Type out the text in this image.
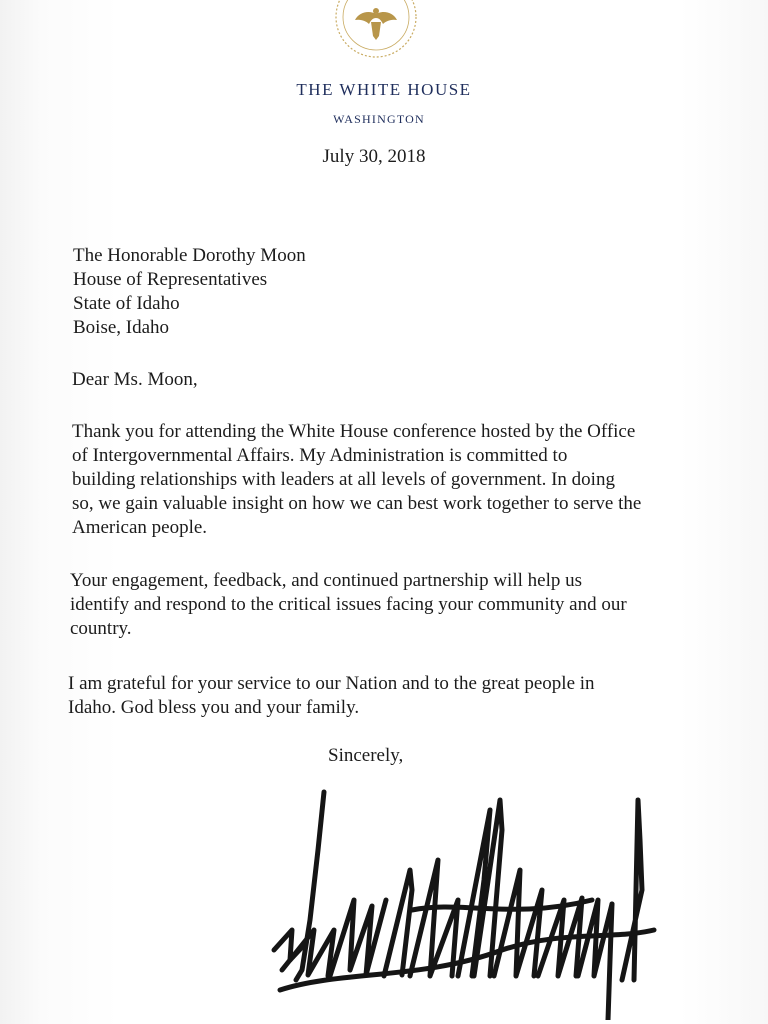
THE WHITE HOUSE
WASHINGTON
July 30, 2018
The Honorable Dorothy Moon
House of Representatives
State of Idaho
Boise, Idaho
Dear Ms. Moon,
Thank you for attending the White House conference hosted by the Office
of Intergovernmental Affairs. My Administration is committed to
building relationships with leaders at all levels of government. In doing
so, we gain valuable insight on how we can best work together to serve the
American people.
Your engagement, feedback, and continued partnership will help us
identify and respond to the critical issues facing your community and our
country.
I am grateful for your service to our Nation and to the great people in
Idaho. God bless you and your family.
Sincerely,
